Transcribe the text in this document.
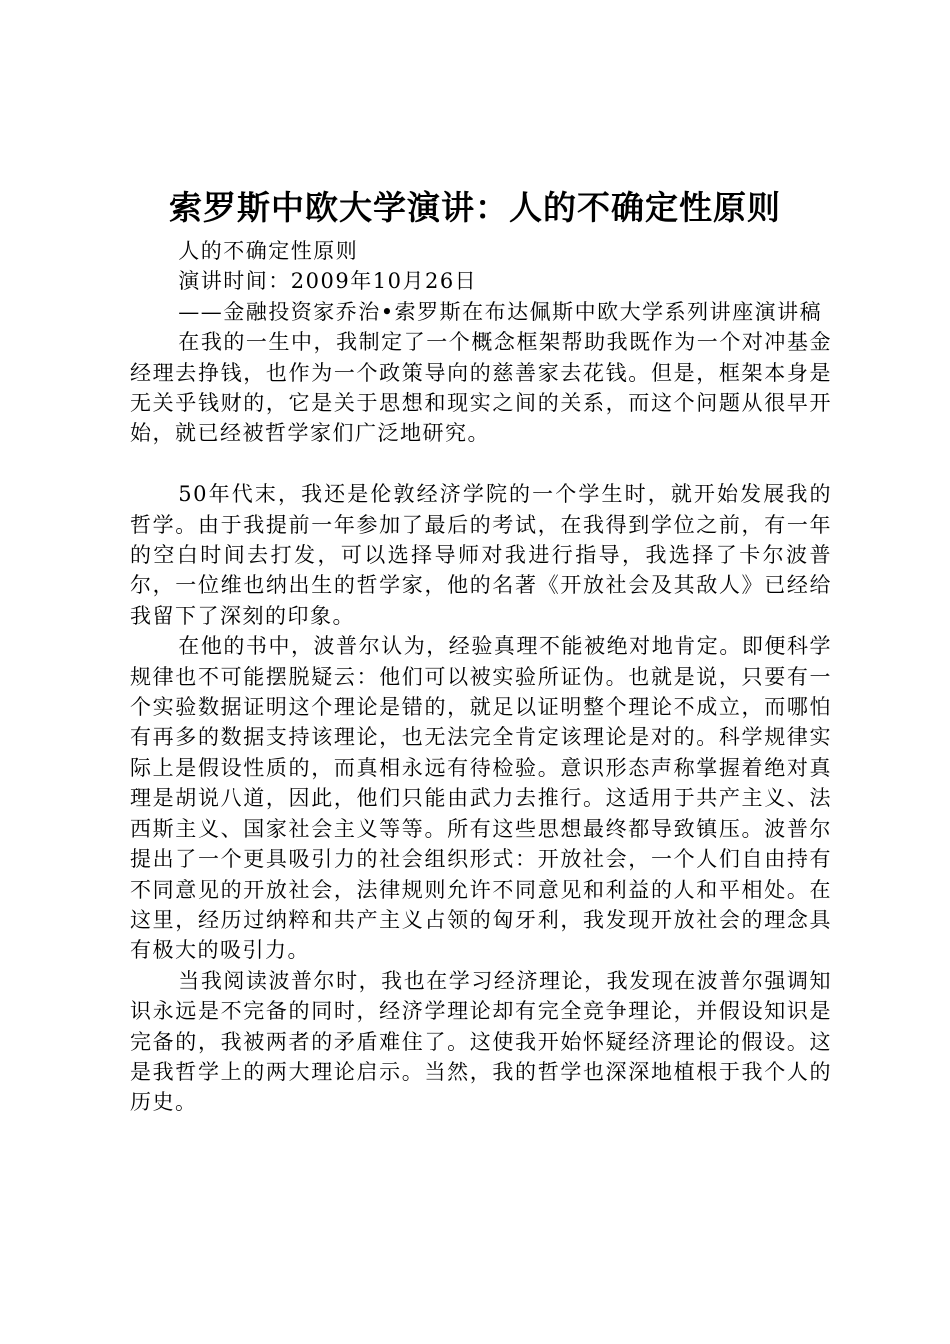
索罗斯中欧大学演讲：人的不确定性原则

人的不确定性原则

演讲时间：2009年10月26日

——金融投资家乔治•索罗斯在布达佩斯中欧大学系列讲座演讲稿

在我的一生中，我制定了一个概念框架帮助我既作为一个对冲基金经理去挣钱，也作为一个政策导向的慈善家去花钱。但是，框架本身是无关乎钱财的，它是关于思想和现实之间的关系，而这个问题从很早开始，就已经被哲学家们广泛地研究。

50年代末，我还是伦敦经济学院的一个学生时，就开始发展我的哲学。由于我提前一年参加了最后的考试，在我得到学位之前，有一年的空白时间去打发，可以选择导师对我进行指导，我选择了卡尔波普尔，一位维也纳出生的哲学家，他的名著《开放社会及其敌人》已经给我留下了深刻的印象。

在他的书中，波普尔认为，经验真理不能被绝对地肯定。即便科学规律也不可能摆脱疑云：他们可以被实验所证伪。也就是说，只要有一个实验数据证明这个理论是错的，就足以证明整个理论不成立，而哪怕有再多的数据支持该理论，也无法完全肯定该理论是对的。科学规律实际上是假设性质的，而真相永远有待检验。意识形态声称掌握着绝对真理是胡说八道，因此，他们只能由武力去推行。这适用于共产主义、法西斯主义、国家社会主义等等。所有这些思想最终都导致镇压。波普尔提出了一个更具吸引力的社会组织形式：开放社会，一个人们自由持有不同意见的开放社会，法律规则允许不同意见和利益的人和平相处。在这里，经历过纳粹和共产主义占领的匈牙利，我发现开放社会的理念具有极大的吸引力。

当我阅读波普尔时，我也在学习经济理论，我发现在波普尔强调知识永远是不完备的同时，经济学理论却有完全竞争理论，并假设知识是完备的，我被两者的矛盾难住了。这使我开始怀疑经济理论的假设。这是我哲学上的两大理论启示。当然，我的哲学也深深地植根于我个人的历史。
